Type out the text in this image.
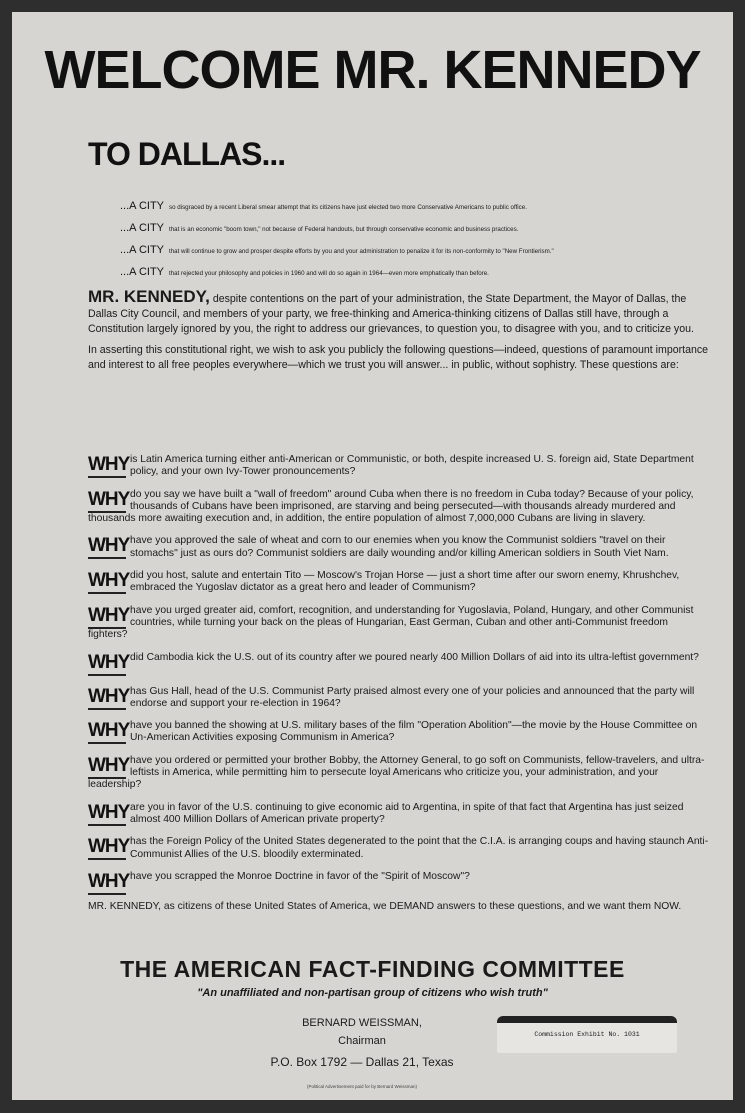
WELCOME MR. KENNEDY
TO DALLAS...
...A CITY so disgraced by a recent Liberal smear attempt that its citizens have just elected two more Conservative Americans to public office.
...A CITY that is an economic "boom town," not because of Federal handouts, but through conservative economic and business practices.
...A CITY that will continue to grow and prosper despite efforts by you and your administration to penalize it for its non-conformity to "New Frontierism."
...A CITY that rejected your philosophy and policies in 1960 and will do so again in 1964—even more emphatically than before.

MR. KENNEDY, despite contentions on the part of your administration, the State Department, the Mayor of Dallas, the Dallas City Council, and members of your party, we free-thinking and America-thinking citizens of Dallas still have, through a Constitution largely ignored by you, the right to address our grievances, to question you, to disagree with you, and to criticize you.

In asserting this constitutional right, we wish to ask you publicly the following questions—indeed, questions of paramount importance and interest to all free peoples everywhere—which we trust you will answer... in public, without sophistry. These questions are:

WHY is Latin America turning either anti-American or Communistic, or both, despite increased U. S. foreign aid, State Department policy, and your own Ivy-Tower pronouncements?
WHY do you say we have built a "wall of freedom" around Cuba when there is no freedom in Cuba today? Because of your policy, thousands of Cubans have been imprisoned, are starving and being persecuted—with thousands already murdered and thousands more awaiting execution and, in addition, the entire population of almost 7,000,000 Cubans are living in slavery.
WHY have you approved the sale of wheat and corn to our enemies when you know the Communist soldiers "travel on their stomachs" just as ours do? Communist soldiers are daily wounding and/or killing American soldiers in South Viet Nam.
WHY did you host, salute and entertain Tito — Moscow's Trojan Horse — just a short time after our sworn enemy, Khrushchev, embraced the Yugoslav dictator as a great hero and leader of Communism?
WHY have you urged greater aid, comfort, recognition, and understanding for Yugoslavia, Poland, Hungary, and other Communist countries, while turning your back on the pleas of Hungarian, East German, Cuban and other anti-Communist freedom fighters?
WHY did Cambodia kick the U.S. out of its country after we poured nearly 400 Million Dollars of aid into its ultra-leftist government?
WHY has Gus Hall, head of the U.S. Communist Party praised almost every one of your policies and announced that the party will endorse and support your re-election in 1964?
WHY have you banned the showing at U.S. military bases of the film "Operation Abolition"—the movie by the House Committee on Un-American Activities exposing Communism in America?
WHY have you ordered or permitted your brother Bobby, the Attorney General, to go soft on Communists, fellow-travelers, and ultra-leftists in America, while permitting him to persecute loyal Americans who criticize you, your administration, and your leadership?
WHY are you in favor of the U.S. continuing to give economic aid to Argentina, in spite of that fact that Argentina has just seized almost 400 Million Dollars of American private property?
WHY has the Foreign Policy of the United States degenerated to the point that the C.I.A. is arranging coups and having staunch Anti-Communist Allies of the U.S. bloodily exterminated.
WHY have you scrapped the Monroe Doctrine in favor of the "Spirit of Moscow"?
MR. KENNEDY, as citizens of these United States of America, we DEMAND answers to these questions, and we want them NOW.
THE AMERICAN FACT-FINDING COMMITTEE
"An unaffiliated and non-partisan group of citizens who wish truth"
BERNARD WEISSMAN,
Chairman
P.O. Box 1792 — Dallas 21, Texas
(Political Advertisement paid for by Bernard Weissman)
Commission Exhibit No. 1031
